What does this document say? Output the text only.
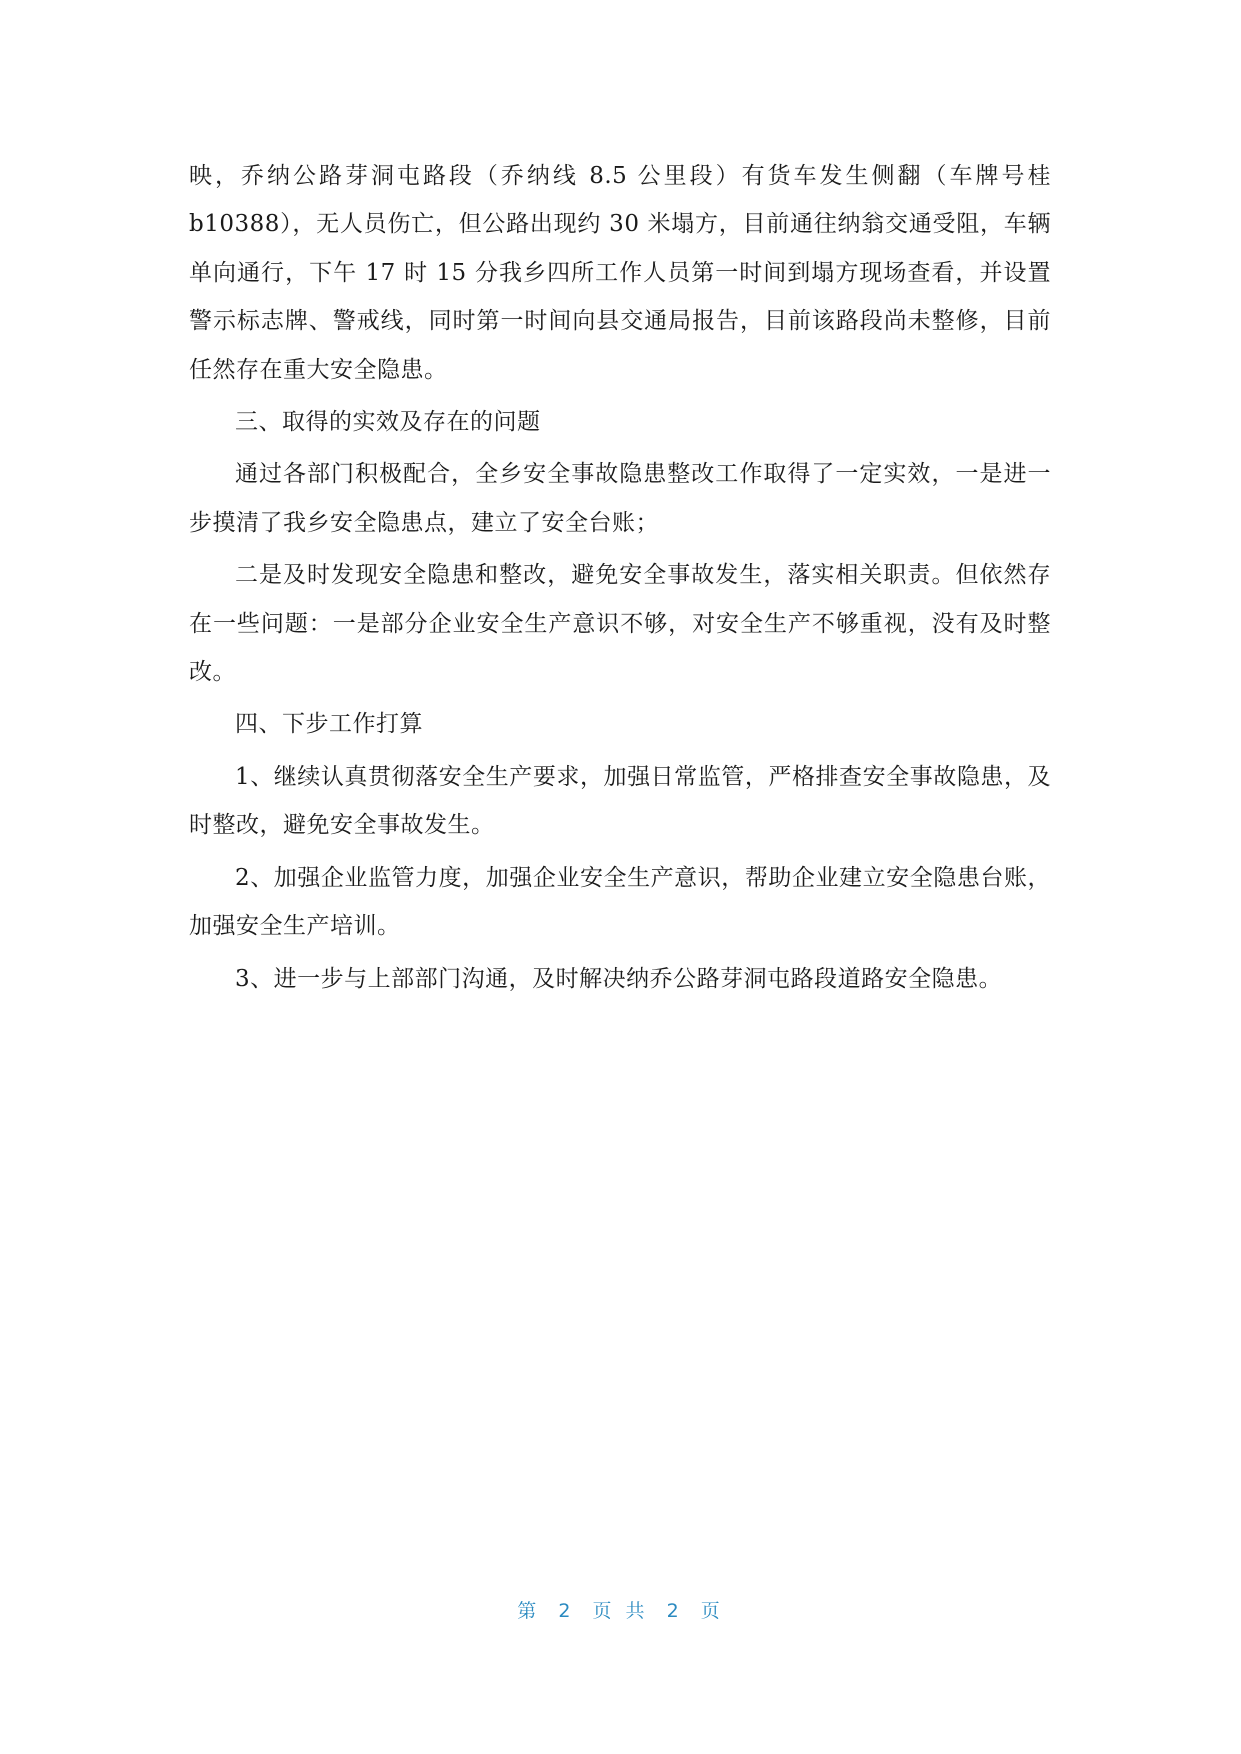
映，乔纳公路芽洞屯路段（乔纳线 8.5 公里段）有货车发生侧翻（车牌号桂 b10388），无人员伤亡，但公路出现约 30 米塌方，目前通往纳翁交通受阻，车辆单向通行，下午 17 时 15 分我乡四所工作人员第一时间到塌方现场查看，并设置警示标志牌、警戒线，同时第一时间向县交通局报告，目前该路段尚未整修，目前任然存在重大安全隐患。

三、取得的实效及存在的问题

通过各部门积极配合，全乡安全事故隐患整改工作取得了一定实效，一是进一步摸清了我乡安全隐患点，建立了安全台账；

二是及时发现安全隐患和整改，避免安全事故发生，落实相关职责。但依然存在一些问题：一是部分企业安全生产意识不够，对安全生产不够重视，没有及时整改。

四、下步工作打算

1、继续认真贯彻落安全生产要求，加强日常监管，严格排查安全事故隐患，及时整改，避免安全事故发生。

2、加强企业监管力度，加强企业安全生产意识，帮助企业建立安全隐患台账，加强安全生产培训。

3、进一步与上部部门沟通，及时解决纳乔公路芽洞屯路段道路安全隐患。

第 2 页 共 2 页
